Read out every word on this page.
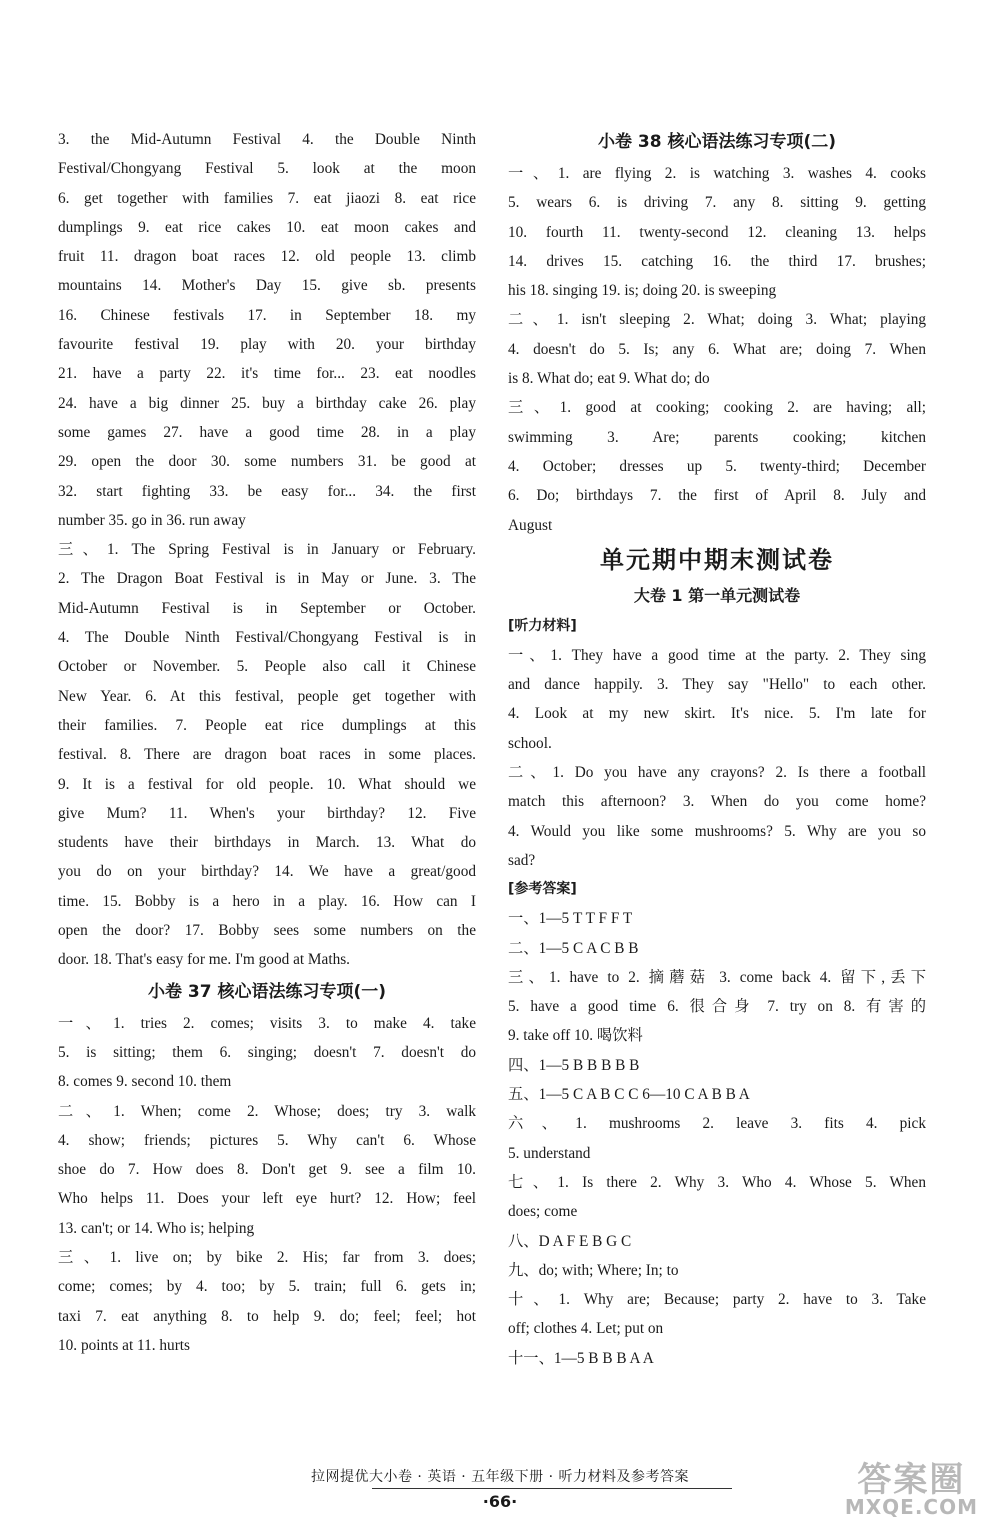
3. the Mid-Autumn Festival 4. the Double Ninth
Festival/Chongyang Festival 5. look at the moon
6. get together with families 7. eat jiaozi 8. eat rice
dumplings 9. eat rice cakes 10. eat moon cakes and
fruit 11. dragon boat races 12. old people 13. climb
mountains 14. Mother's Day 15. give sb. presents
16. Chinese festivals 17. in September 18. my
favourite festival 19. play with 20. your birthday
21. have a party 22. it's time for... 23. eat noodles
24. have a big dinner 25. buy a birthday cake 26. play
some games 27. have a good time 28. in a play
29. open the door 30. some numbers 31. be good at
32. start fighting 33. be easy for... 34. the first
number 35. go in 36. run away
三、1. The Spring Festival is in January or February.
2. The Dragon Boat Festival is in May or June. 3. The
Mid-Autumn Festival is in September or October.
4. The Double Ninth Festival/Chongyang Festival is in
October or November. 5. People also call it Chinese
New Year. 6. At this festival, people get together with
their families. 7. People eat rice dumplings at this
festival. 8. There are dragon boat races in some places.
9. It is a festival for old people. 10. What should we
give Mum? 11. When's your birthday? 12. Five
students have their birthdays in March. 13. What do
you do on your birthday? 14. We have a great/good
time. 15. Bobby is a hero in a play. 16. How can I
open the door? 17. Bobby sees some numbers on the
door. 18. That's easy for me. I'm good at Maths.
小卷 37 核心语法练习专项(一)
一、1. tries 2. comes; visits 3. to make 4. take
5. is sitting; them 6. singing; doesn't 7. doesn't do
8. comes 9. second 10. them
二、1. When; come 2. Whose; does; try 3. walk
4. show; friends; pictures 5. Why can't 6. Whose
shoe do 7. How does 8. Don't get 9. see a film 10.
Who helps 11. Does your left eye hurt? 12. How; feel
13. can't; or 14. Who is; helping
三、1. live on; by bike 2. His; far from 3. does;
come; comes; by 4. too; by 5. train; full 6. gets in;
taxi 7. eat anything 8. to help 9. do; feel; feel; hot
10. points at 11. hurts
小卷 38 核心语法练习专项(二)
一、1. are flying 2. is watching 3. washes 4. cooks
5. wears 6. is driving 7. any 8. sitting 9. getting
10. fourth 11. twenty-second 12. cleaning 13. helps
14. drives 15. catching 16. the third 17. brushes;
his 18. singing 19. is; doing 20. is sweeping
二、1. isn't sleeping 2. What; doing 3. What; playing
4. doesn't do 5. Is; any 6. What are; doing 7. When
is 8. What do; eat 9. What do; do
三、1. good at cooking; cooking 2. are having; all;
swimming 3. Are; parents cooking; kitchen
4. October; dresses up 5. twenty-third; December
6. Do; birthdays 7. the first of April 8. July and
August
单元期中期末测试卷
大卷 1 第一单元测试卷
[听力材料]
一、1. They have a good time at the party. 2. They sing
and dance happily. 3. They say "Hello" to each other.
4. Look at my new skirt. It's nice. 5. I'm late for
school.
二、1. Do you have any crayons? 2. Is there a football
match this afternoon? 3. When do you come home?
4. Would you like some mushrooms? 5. Why are you so
sad?
[参考答案]
一、1—5 T T F F T
二、1—5 C A C B B
三、1. have to 2. 摘蘑菇 3. come back 4. 留下,丢下
5. have a good time 6. 很合身 7. try on 8. 有害的
9. take off 10. 喝饮料
四、1—5 B B B B B
五、1—5 C A B C C 6—10 C A B B A
六、1. mushrooms 2. leave 3. fits 4. pick
5. understand
七、1. Is there 2. Why 3. Who 4. Whose 5. When
does; come
八、D A F E B G C
九、do; with; Where; In; to
十、1. Why are; Because; party 2. have to 3. Take
off; clothes 4. Let; put on
十一、1—5 B B B A A
拉网提优大小卷 · 英语 · 五年级下册 · 听力材料及参考答案
·66·
答案圈
MXQE.COM
